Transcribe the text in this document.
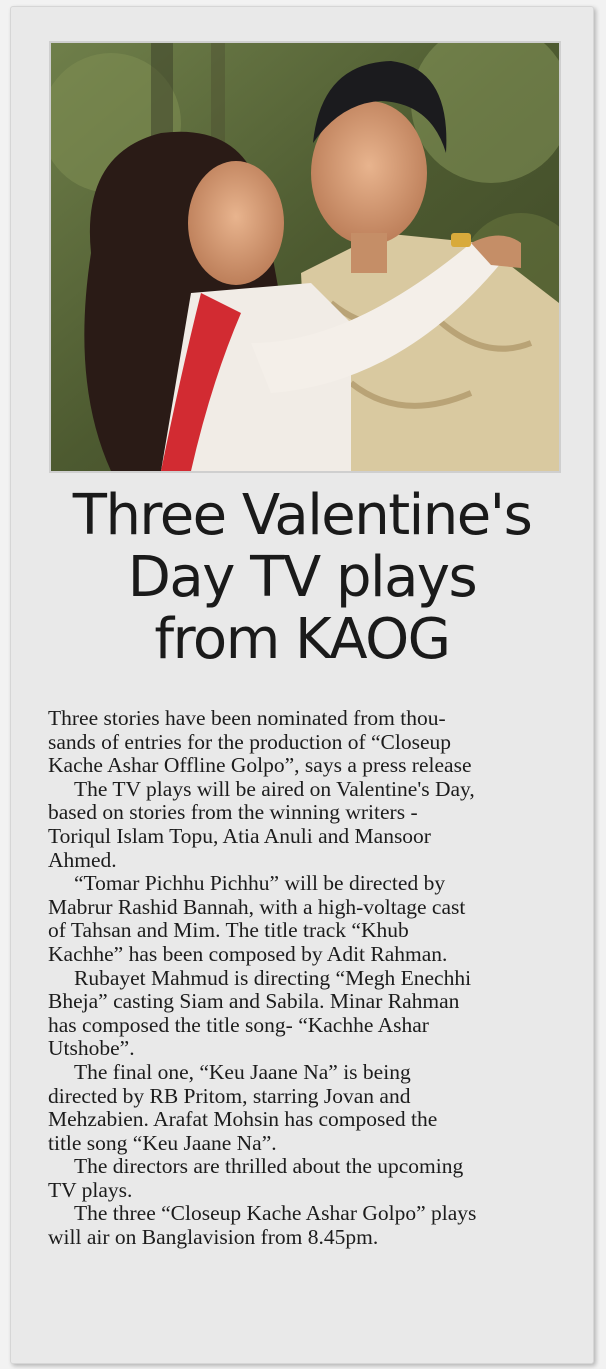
Three Valentine's
Day TV plays
from KAOG
Three stories have been nominated from thou-
sands of entries for the production of “Closeup
Kache Ashar Offline Golpo”, says a press release
The TV plays will be aired on Valentine's Day,
based on stories from the winning writers -
Toriqul Islam Topu, Atia Anuli and Mansoor
Ahmed.
“Tomar Pichhu Pichhu” will be directed by
Mabrur Rashid Bannah, with a high-voltage cast
of Tahsan and Mim. The title track “Khub
Kachhe” has been composed by Adit Rahman.
Rubayet Mahmud is directing “Megh Enechhi
Bheja” casting Siam and Sabila. Minar Rahman
has composed the title song- “Kachhe Ashar
Utshobe”.
The final one, “Keu Jaane Na” is being
directed by RB Pritom, starring Jovan and
Mehzabien. Arafat Mohsin has composed the
title song “Keu Jaane Na”.
The directors are thrilled about the upcoming
TV plays.
The three “Closeup Kache Ashar Golpo” plays
will air on Banglavision from 8.45pm.
